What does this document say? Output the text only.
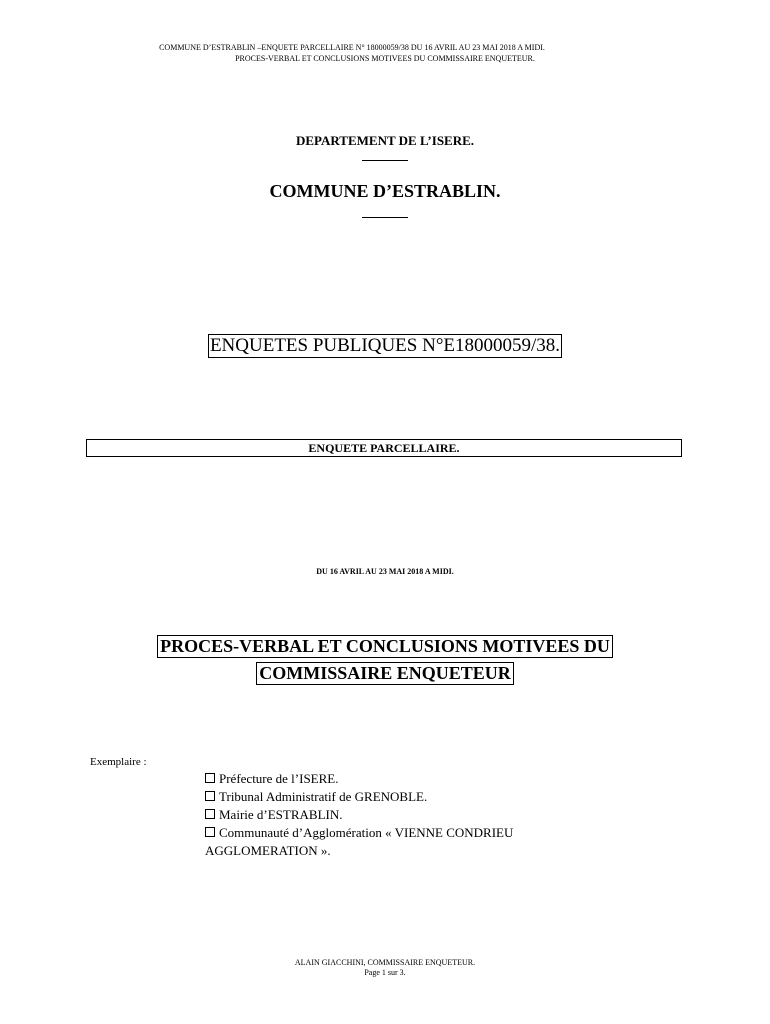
COMMUNE D’ESTRABLIN –ENQUETE PARCELLAIRE N° 18000059/38 DU 16 AVRIL AU 23 MAI 2018 A MIDI.
PROCES-VERBAL ET CONCLUSIONS MOTIVEES DU COMMISSAIRE ENQUETEUR.
DEPARTEMENT DE L’ISERE.
COMMUNE D’ESTRABLIN.
ENQUETES PUBLIQUES N°E18000059/38.
ENQUETE PARCELLAIRE.
DU 16 AVRIL AU 23 MAI 2018 A MIDI.
PROCES-VERBAL ET CONCLUSIONS MOTIVEES DU
COMMISSAIRE ENQUETEUR
Exemplaire :
Préfecture de l’ISERE.
Tribunal Administratif de GRENOBLE.
Mairie d’ESTRABLIN.
Communauté d’Agglomération « VIENNE CONDRIEU
AGGLOMERATION ».
ALAIN GIACCHINI, COMMISSAIRE ENQUETEUR.
Page 1 sur 3.
